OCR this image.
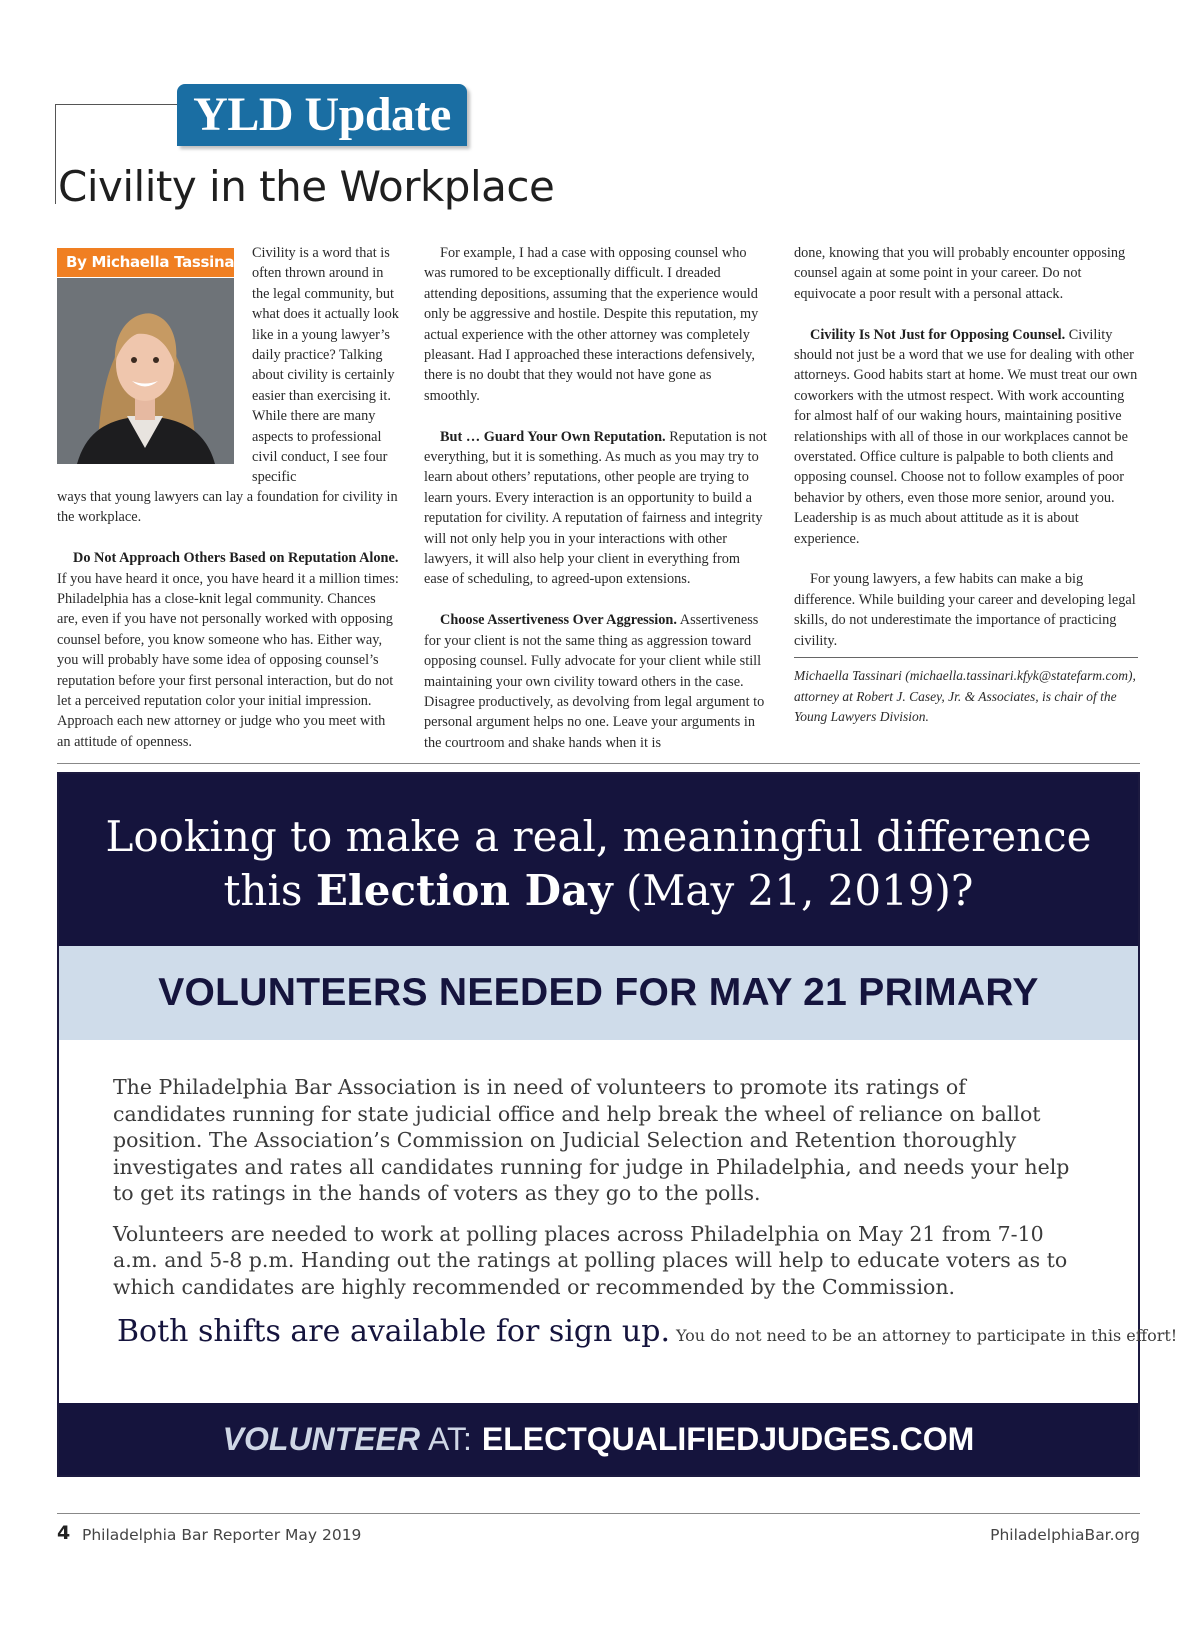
YLD Update
Civility in the Workplace
By Michaella Tassinari Civility is a word that is often thrown around in the legal community, but what does it actually look like in a young lawyer’s daily practice? Talking about civility is certainly easier than exercising it. While there are many aspects to professional civil conduct, I see four specific

ways that young lawyers can lay a foundation for civility in the workplace.

Do Not Approach Others Based on Reputation Alone. If you have heard it once, you have heard it a million times: Philadelphia has a close-knit legal community. Chances are, even if you have not personally worked with opposing counsel before, you know someone who has. Either way, you will probably have some idea of opposing counsel’s reputation before your first personal interaction, but do not let a perceived reputation color your initial impression. Approach each new attorney or judge who you meet with an attitude of openness.

For example, I had a case with opposing counsel who was rumored to be exceptionally difficult. I dreaded attending depositions, assuming that the experience would only be aggressive and hostile. Despite this reputation, my actual experience with the other attorney was completely pleasant. Had I approached these interactions defensively, there is no doubt that they would not have gone as smoothly.

But … Guard Your Own Reputation. Reputation is not everything, but it is something. As much as you may try to learn about others’ reputations, other people are trying to learn yours. Every interaction is an opportunity to build a reputation for civility. A reputation of fairness and integrity will not only help you in your interactions with other lawyers, it will also help your client in everything from ease of scheduling, to agreed-upon extensions.

Choose Assertiveness Over Aggression. Assertiveness for your client is not the same thing as aggression toward opposing counsel. Fully advocate for your client while still maintaining your own civility toward others in the case. Disagree productively, as devolving from legal argument to personal argument helps no one. Leave your arguments in the courtroom and shake hands when it is

done, knowing that you will probably encounter opposing counsel again at some point in your career. Do not equivocate a poor result with a personal attack.

Civility Is Not Just for Opposing Counsel. Civility should not just be a word that we use for dealing with other attorneys. Good habits start at home. We must treat our own coworkers with the utmost respect. With work accounting for almost half of our waking hours, maintaining positive relationships with all of those in our workplaces cannot be overstated. Office culture is palpable to both clients and opposing counsel. Choose not to follow examples of poor behavior by others, even those more senior, around you. Leadership is as much about attitude as it is about experience.

For young lawyers, a few habits can make a big difference. While building your career and developing legal skills, do not underestimate the importance of practicing civility.

Michaella Tassinari (michaella.tassinari.kfyk@statefarm.com), attorney at Robert J. Casey, Jr. & Associates, is chair of the Young Lawyers Division.

Looking to make a real, meaningful difference
this Election Day (May 21, 2019)?
VOLUNTEERS NEEDED FOR MAY 21 PRIMARY

The Philadelphia Bar Association is in need of volunteers to promote its ratings of candidates running for state judicial office and help break the wheel of reliance on ballot position. The Association’s Commission on Judicial Selection and Retention thoroughly investigates and rates all candidates running for judge in Philadelphia, and needs your help to get its ratings in the hands of voters as they go to the polls.

Volunteers are needed to work at polling places across Philadelphia on May 21 from 7-10 a.m. and 5-8 p.m. Handing out the ratings at polling places will help to educate voters as to which candidates are highly recommended or recommended by the Commission.

Both shifts are available for sign up. You do not need to be an attorney to participate in this effort!
VOLUNTEER AT: ELECTQUALIFIEDJUDGES.COM
4 Philadelphia Bar Reporter May 2019	PhiladelphiaBar.org
